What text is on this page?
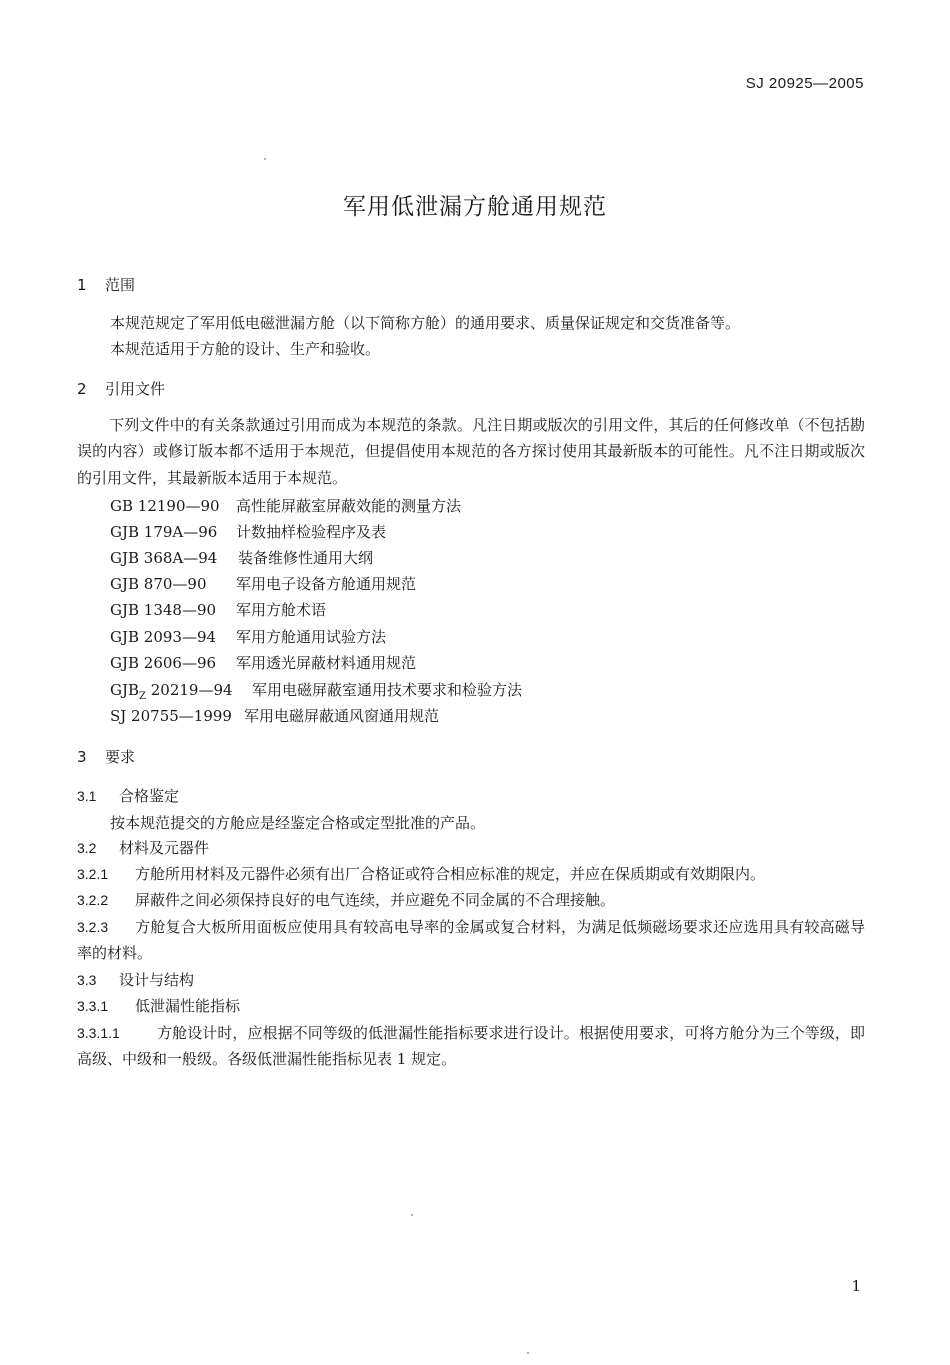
SJ 20925—2005
军用低泄漏方舱通用规范
1 范围
本规范规定了军用低电磁泄漏方舱（以下简称方舱）的通用要求、质量保证规定和交货准备等。
本规范适用于方舱的设计、生产和验收。
2 引用文件
下列文件中的有关条款通过引用而成为本规范的条款。凡注日期或版次的引用文件，其后的任何修改单（不包括勘误的内容）或修订版本都不适用于本规范，但提倡使用本规范的各方探讨使用其最新版本的可能性。凡不注日期或版次的引用文件，其最新版本适用于本规范。
GB 12190—90 高性能屏蔽室屏蔽效能的测量方法
GJB 179A—96 计数抽样检验程序及表
GJB 368A—94 装备维修性通用大纲
GJB 870—90 军用电子设备方舱通用规范
GJB 1348—90 军用方舱术语
GJB 2093—94 军用方舱通用试验方法
GJB 2606—96 军用透光屏蔽材料通用规范
$GJB_Z$ 20219—94 军用电磁屏蔽室通用技术要求和检验方法
SJ 20755—1999 军用电磁屏蔽通风窗通用规范
3 要求
3.1 合格鉴定
按本规范提交的方舱应是经鉴定合格或定型批准的产品。
3.2 材料及元器件
3.2.1 方舱所用材料及元器件必须有出厂合格证或符合相应标准的规定，并应在保质期或有效期限内。
3.2.2 屏蔽件之间必须保持良好的电气连续，并应避免不同金属的不合理接触。
3.2.3 方舱复合大板所用面板应使用具有较高电导率的金属或复合材料，为满足低频磁场要求还应选用具有较高磁导率的材料。
3.3 设计与结构
3.3.1 低泄漏性能指标
3.3.1.1 方舱设计时，应根据不同等级的低泄漏性能指标要求进行设计。根据使用要求，可将方舱分为三个等级，即高级、中级和一般级。各级低泄漏性能指标见表 1 规定。
1
